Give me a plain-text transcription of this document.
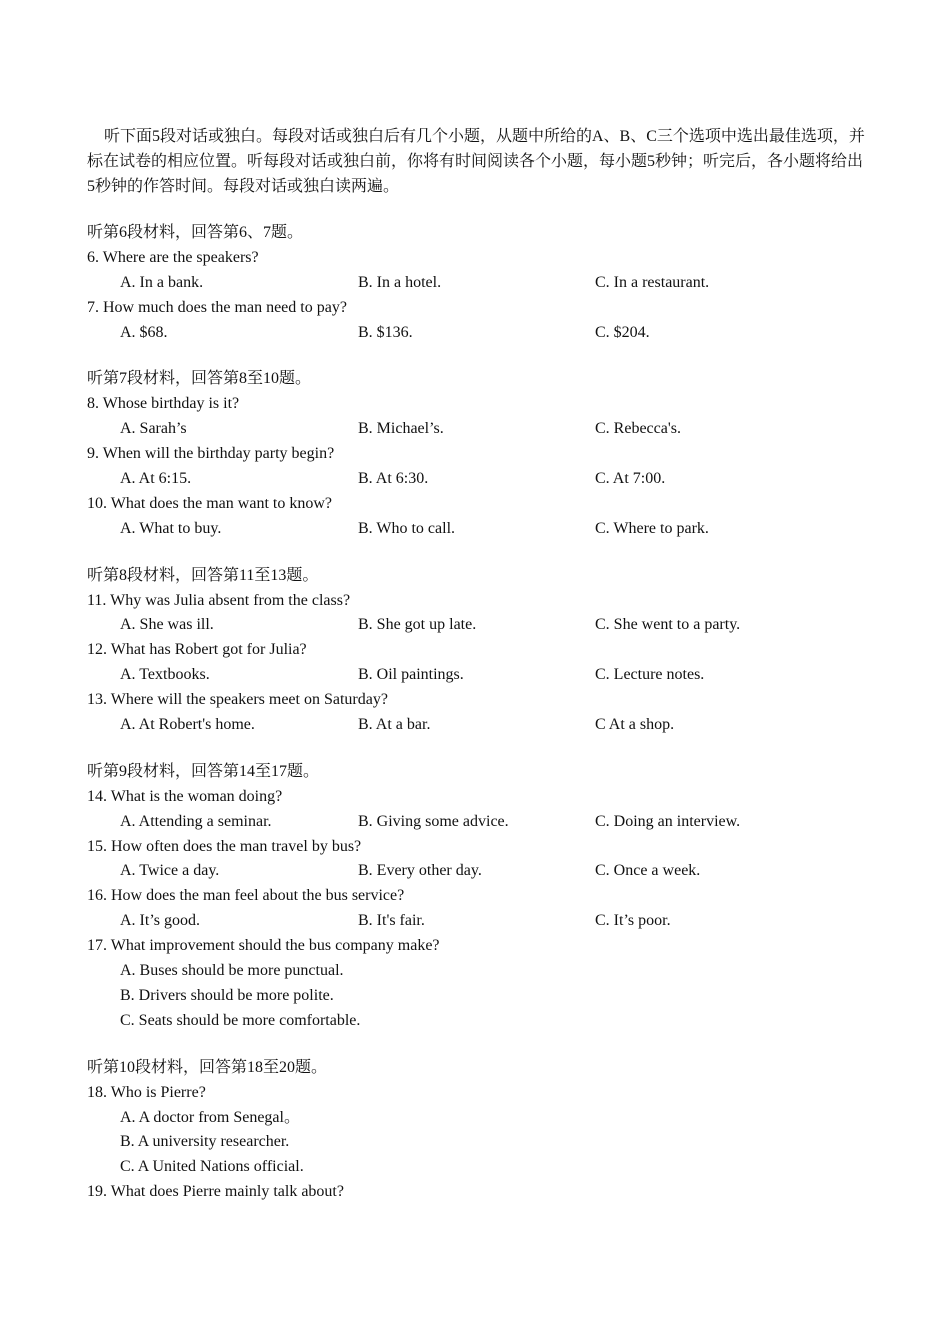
听下面5段对话或独白。每段对话或独白后有几个小题，从题中所给的A、B、C三个选项中选出最佳选项，并标在试卷的相应位置。听每段对话或独白前，你将有时间阅读各个小题，每小题5秒钟；听完后，各小题将给出5秒钟的作答时间。每段对话或独白读两遍。

听第6段材料，回答第6、7题。
6. Where are the speakers?
A. In a bank.	B. In a hotel.	C. In a restaurant.
7. How much does the man need to pay?
A. $68.	B. $136.	C. $204.
听第7段材料，回答第8至10题。
8. Whose birthday is it?
A. Sarah’s	B. Michael’s.	C. Rebecca's.
9. When will the birthday party begin?
A. At 6:15.	B. At 6:30.	C. At 7:00.
10. What does the man want to know?
A. What to buy.	B. Who to call.	C. Where to park.
听第8段材料，回答第11至13题。
11. Why was Julia absent from the class?
A. She was ill.	B. She got up late.	C. She went to a party.
12. What has Robert got for Julia?
A. Textbooks.	B. Oil paintings.	C. Lecture notes.
13. Where will the speakers meet on Saturday?
A. At Robert's home.	B. At a bar.	C At a shop.
听第9段材料，回答第14至17题。
14. What is the woman doing?
A. Attending a seminar.	B. Giving some advice.	C. Doing an interview.
15. How often does the man travel by bus?
A. Twice a day.	B. Every other day.	C. Once a week.
16. How does the man feel about the bus service?
A. It’s good.	B. It's fair.	C. It’s poor.
17. What improvement should the bus company make?
A. Buses should be more punctual.
B. Drivers should be more polite.
C. Seats should be more comfortable.
听第10段材料，回答第18至20题。
18. Who is Pierre?
A. A doctor from Senegal。
B. A university researcher.
C. A United Nations official.
19. What does Pierre mainly talk about?
